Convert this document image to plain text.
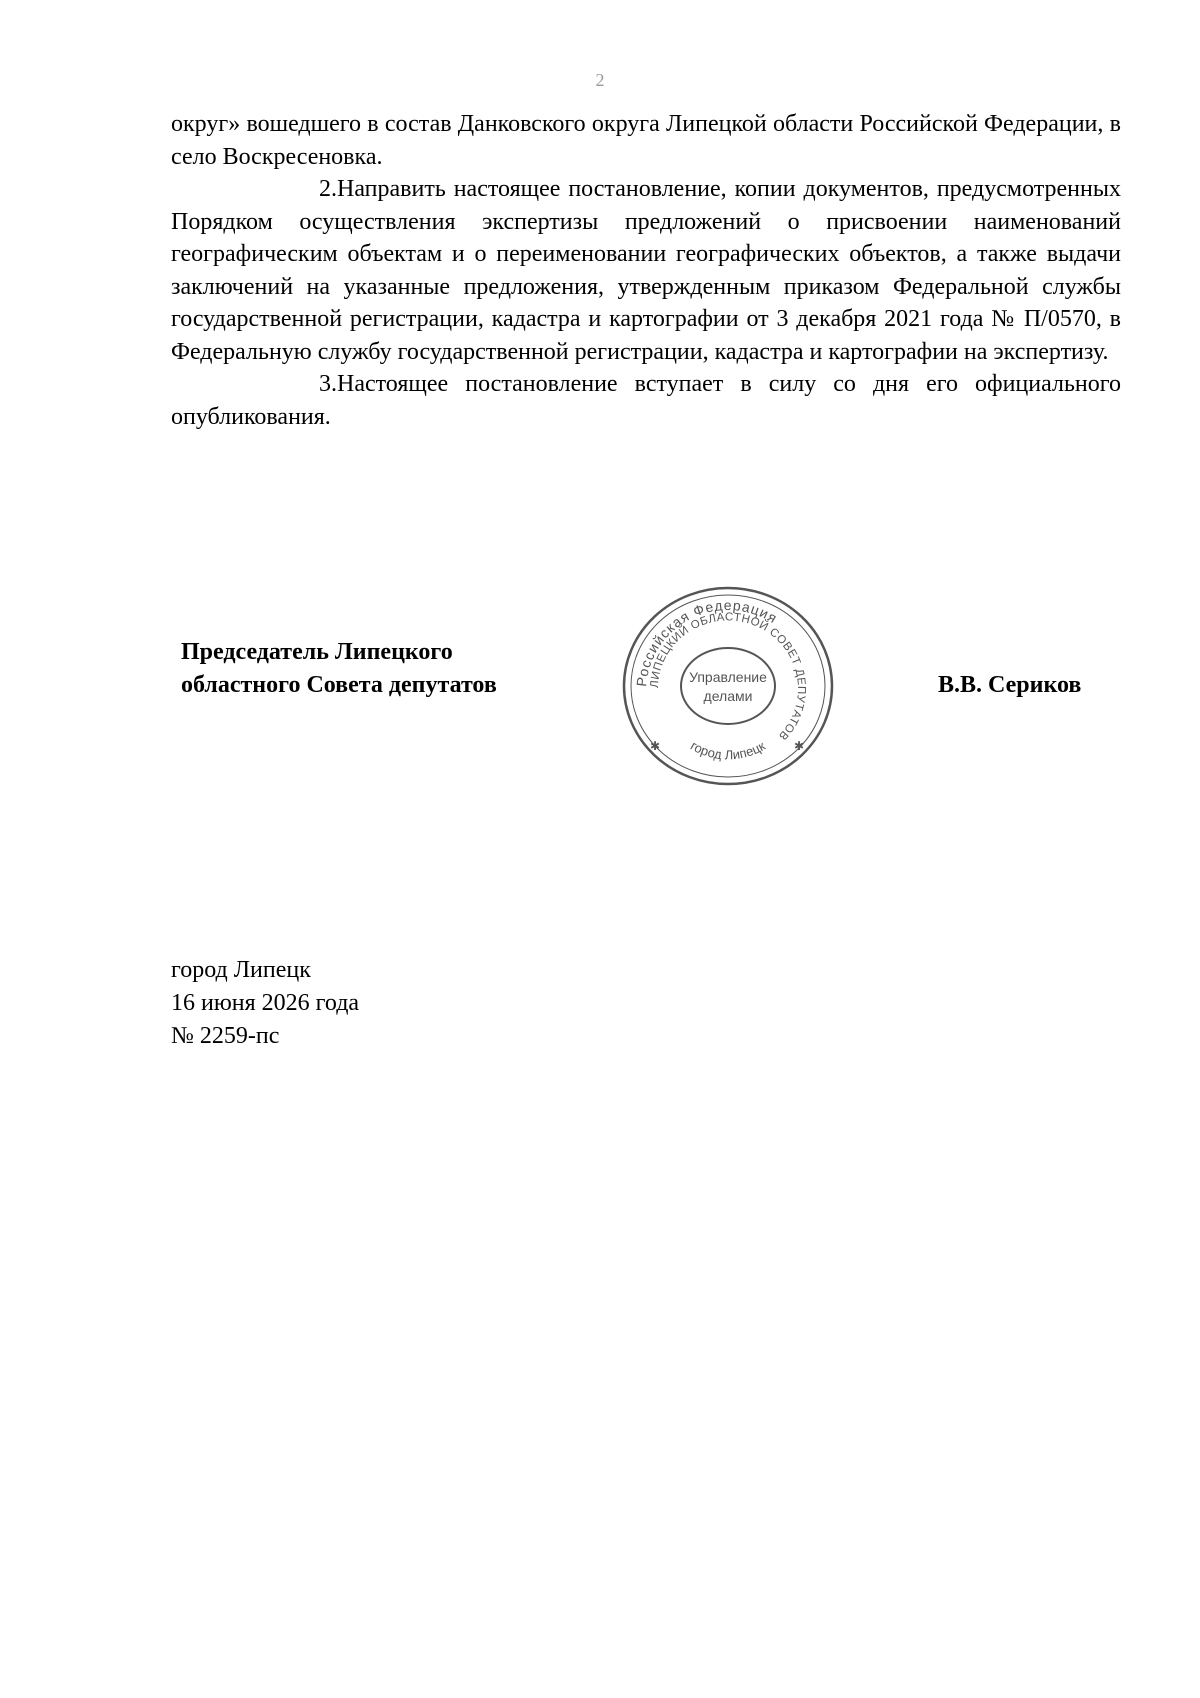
2

округ» вошедшего в состав Данковского округа Липецкой области Российской Федерации, в село Воскресеновка.

2.Направить настоящее постановление, копии документов, предусмотренных Порядком осуществления экспертизы предложений о присвоении наименований географическим объектам и о переименовании географических объектов, а также выдачи заключений на указанные предложения, утвержденным приказом Федеральной службы государственной регистрации, кадастра и картографии от 3 декабря 2021 года № П/0570, в Федеральную службу государственной регистрации, кадастра и картографии на экспертизу.

3.Настоящее постановление вступает в силу со дня его официального опубликования.

Председатель Липецкого
областного Совета депутатов	Российская Федерация
ЛИПЕЦКИЙ ОБЛАСТНОЙ СОВЕТ ДЕПУТАТОВ
город Липецк
Управление
делами
✱	✱
В.В. Сериков
город Липецк
16 июня 2026 года
№ 2259-пс
